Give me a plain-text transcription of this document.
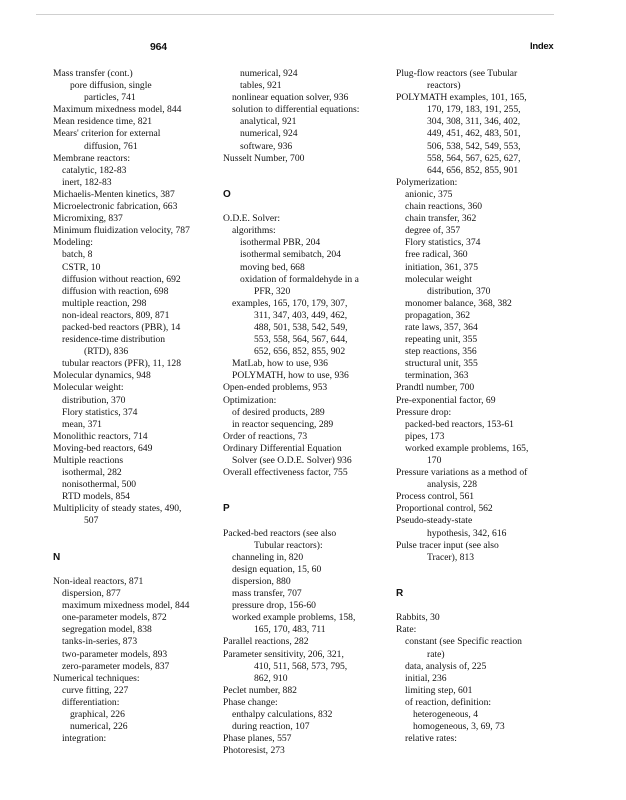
964	Index
Mass transfer (cont.)
pore diffusion, single
particles, 741
Maximum mixedness model, 844
Mean residence time, 821
Mears' criterion for external
diffusion, 761
Membrane reactors:
catalytic, 182-83
inert, 182-83
Michaelis-Menten kinetics, 387
Microelectronic fabrication, 663
Micromixing, 837
Minimum fluidization velocity, 787
Modeling:
batch, 8
CSTR, 10
diffusion without reaction, 692
diffusion with reaction, 698
multiple reaction, 298
non-ideal reactors, 809, 871
packed-bed reactors (PBR), 14
residence-time distribution
(RTD), 836
tubular reactors (PFR), 11, 128
Molecular dynamics, 948
Molecular weight:
distribution, 370
Flory statistics, 374
mean, 371
Monolithic reactors, 714
Moving-bed reactors, 649
Multiple reactions
isothermal, 282
nonisothermal, 500
RTD models, 854
Multiplicity of steady states, 490,
507
N
Non-ideal reactors, 871
dispersion, 877
maximum mixedness model, 844
one-parameter models, 872
segregation model, 838
tanks-in-series, 873
two-parameter models, 893
zero-parameter models, 837
Numerical techniques:
curve fitting, 227
differentiation:
graphical, 226
numerical, 226
integration:
numerical, 924
tables, 921
nonlinear equation solver, 936
solution to differential equations:
analytical, 921
numerical, 924
software, 936
Nusselt Number, 700
O
O.D.E. Solver:
algorithms:
isothermal PBR, 204
isothermal semibatch, 204
moving bed, 668
oxidation of formaldehyde in a
PFR, 320
examples, 165, 170, 179, 307,
311, 347, 403, 449, 462,
488, 501, 538, 542, 549,
553, 558, 564, 567, 644,
652, 656, 852, 855, 902
MatLab, how to use, 936
POLYMATH, how to use, 936
Open-ended problems, 953
Optimization:
of desired products, 289
in reactor sequencing, 289
Order of reactions, 73
Ordinary Differential Equation
Solver (see O.D.E. Solver) 936
Overall effectiveness factor, 755
P
Packed-bed reactors (see also
Tubular reactors):
channeling in, 820
design equation, 15, 60
dispersion, 880
mass transfer, 707
pressure drop, 156-60
worked example problems, 158,
165, 170, 483, 711
Parallel reactions, 282
Parameter sensitivity, 206, 321,
410, 511, 568, 573, 795,
862, 910
Peclet number, 882
Phase change:
enthalpy calculations, 832
during reaction, 107
Phase planes, 557
Photoresist, 273
Plug-flow reactors (see Tubular
reactors)
POLYMATH examples, 101, 165,
170, 179, 183, 191, 255,
304, 308, 311, 346, 402,
449, 451, 462, 483, 501,
506, 538, 542, 549, 553,
558, 564, 567, 625, 627,
644, 656, 852, 855, 901
Polymerization:
anionic, 375
chain reactions, 360
chain transfer, 362
degree of, 357
Flory statistics, 374
free radical, 360
initiation, 361, 375
molecular weight
distribution, 370
monomer balance, 368, 382
propagation, 362
rate laws, 357, 364
repeating unit, 355
step reactions, 356
structural unit, 355
termination, 363
Prandtl number, 700
Pre-exponential factor, 69
Pressure drop:
packed-bed reactors, 153-61
pipes, 173
worked example problems, 165,
170
Pressure variations as a method of
analysis, 228
Process control, 561
Proportional control, 562
Pseudo-steady-state
hypothesis, 342, 616
Pulse tracer input (see also
Tracer), 813
R
Rabbits, 30
Rate:
constant (see Specific reaction
rate)
data, analysis of, 225
initial, 236
limiting step, 601
of reaction, definition:
heterogeneous, 4
homogeneous, 3, 69, 73
relative rates:
